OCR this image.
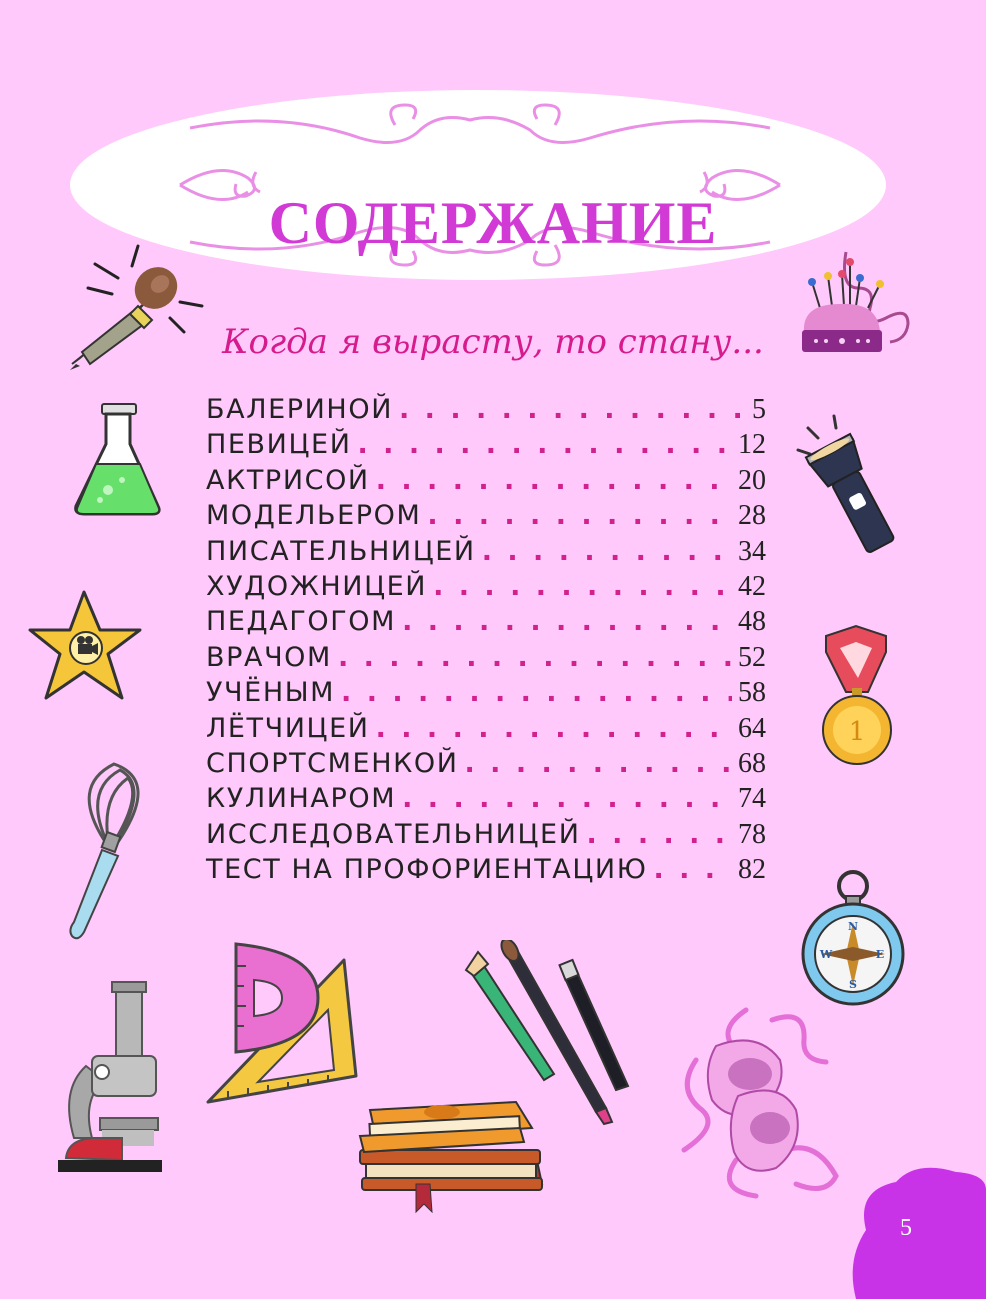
СОДЕРЖАНИЕ
Когда я вырасту, то стану...
БАЛЕРИНОЙ . . .	5
ПЕВИЦЕЙ . . .	12
АКТРИСОЙ . . .	20
МОДЕЛЬЕРОМ . . .	28
ПИСАТЕЛЬНИЦЕЙ . . .	34
ХУДОЖНИЦЕЙ . . .	42
ПЕДАГОГОМ . . .	48
ВРАЧОМ . . .	52
УЧЁНЫМ . . .	58
ЛЁТЧИЦЕЙ . . .	64
СПОРТСМЕНКОЙ . . .	68
КУЛИНАРОМ . . .	74
ИССЛЕДОВАТЕЛЬНИЦЕЙ . . .	78
ТЕСТ НА ПРОФОРИЕНТАЦИЮ . . .	82
1
N
S
W	E
5
